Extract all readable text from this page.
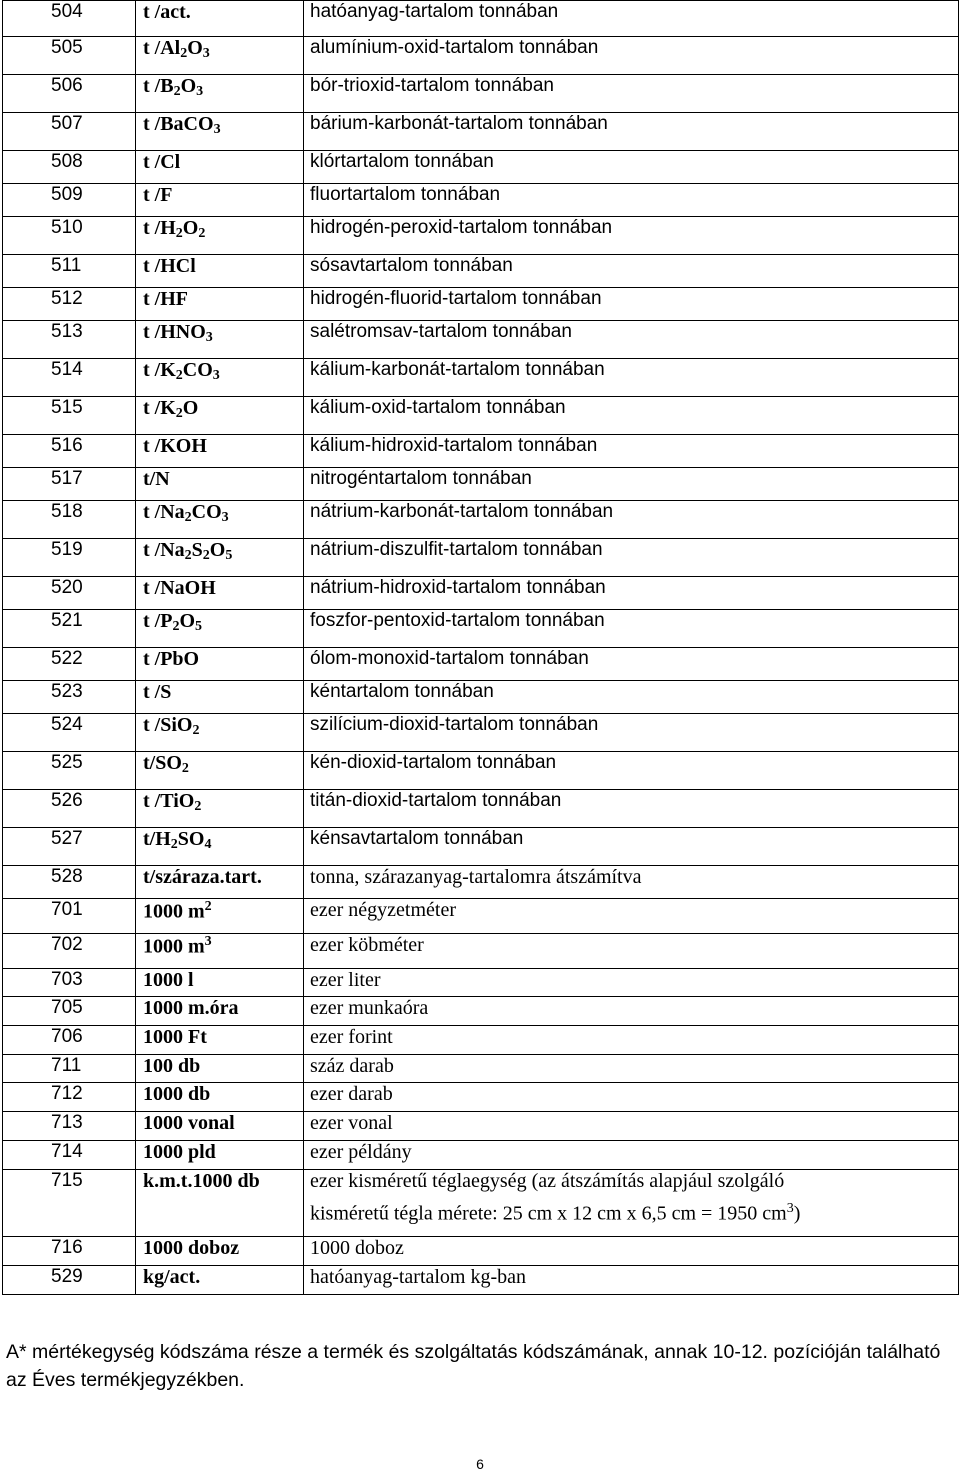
504	t /act.	hatóanyag-tartalom tonnában
505	t $/Al_2O_3$	alumínium-oxid-tartalom tonnában
506	t $/B_2O_3$	bór-trioxid-tartalom tonnában
507	t /BaCO$_3$	bárium-karbonát-tartalom tonnában
508	t /Cl	klórtartalom tonnában
509	t /F	fluortartalom tonnában
510	t $/H_2O_2$	hidrogén-peroxid-tartalom tonnában
511	t /HCl	sósavtartalom tonnában
512	t /HF	hidrogén-fluorid-tartalom tonnában
513	t $/HNO_3$	salétromsav-tartalom tonnában
514	t $/K_2CO_3$	kálium-karbonát-tartalom tonnában
515	t $/K_2O$	kálium-oxid-tartalom tonnában
516	t /KOH	kálium-hidroxid-tartalom tonnában
517	t/N	nitrogéntartalom tonnában
518	t $/Na_2CO_3$	nátrium-karbonát-tartalom tonnában
519	t $/Na_2S_2O_5$	nátrium-diszulfit-tartalom tonnában
520	t /NaOH	nátrium-hidroxid-tartalom tonnában
521	t $/P_2O_5$	foszfor-pentoxid-tartalom tonnában
522	t /PbO	ólom-monoxid-tartalom tonnában
523	t /S	kéntartalom tonnában
524	t /SiO$_2$	szilícium-dioxid-tartalom tonnában
525	$t/SO_2$	kén-dioxid-tartalom tonnában
526	t /TiO$_2$	titán-dioxid-tartalom tonnában
527	$t/H_2SO_4$	kénsavtartalom tonnában
528	t/száraza.tart.	tonna, szárazanyag-tartalomra átszámítva
701	1000 $m^2$	ezer négyzetméter
702	1000 $m^3$	ezer köbméter
703	1000 l	ezer liter
705	1000 m.óra	ezer munkaóra
706	1000 Ft	ezer forint
711	100 db	száz darab
712	1000 db	ezer darab
713	1000 vonal	ezer vonal
714	1000 pld	ezer példány
715	k.m.t.1000 db	ezer kisméretű téglaegység (az átszámítás alapjául szolgáló
kisméretű tégla mérete: 25 cm x 12 cm x 6,5 cm = 1950 $cm^3$)

716	1000 doboz	1000 doboz
529	kg/act.	hatóanyag-tartalom kg-ban
A* mértékegység kódszáma része a termék és szolgáltatás kódszámának, annak 10-12. pozícióján található az Éves termékjegyzékben.
6
